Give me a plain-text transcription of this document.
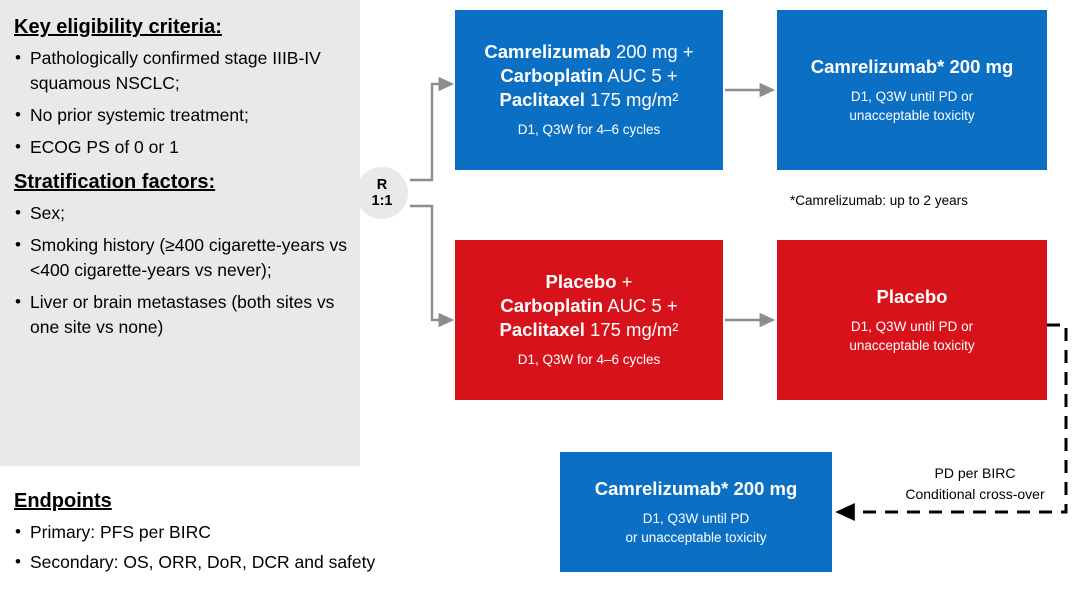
Key eligibility criteria:
• Pathologically confirmed stage IIIB-IV squamous NSCLC;
• No prior systemic treatment;
• ECOG PS of 0 or 1
Stratification factors:
• Sex;
• Smoking history (≥400 cigarette-years vs <400 cigarette-years vs never);
• Liver or brain metastases (both sites vs one site vs none)
Endpoints
• Primary: PFS per BIRC
• Secondary: OS, ORR, DoR, DCR and safety
R
1:1
Camrelizumab 200 mg +
Carboplatin AUC 5 +
Paclitaxel 175 mg/m²
D1, Q3W for 4–6 cycles
Camrelizumab* 200 mg
D1, Q3W until PD or
unacceptable toxicity
Placebo +
Carboplatin AUC 5 +
Paclitaxel 175 mg/m²
D1, Q3W for 4–6 cycles
Placebo
D1, Q3W until PD or
unacceptable toxicity
Camrelizumab* 200 mg
D1, Q3W until PD
or unacceptable toxicity
*Camrelizumab: up to 2 years
PD per BIRC
Conditional cross-over
